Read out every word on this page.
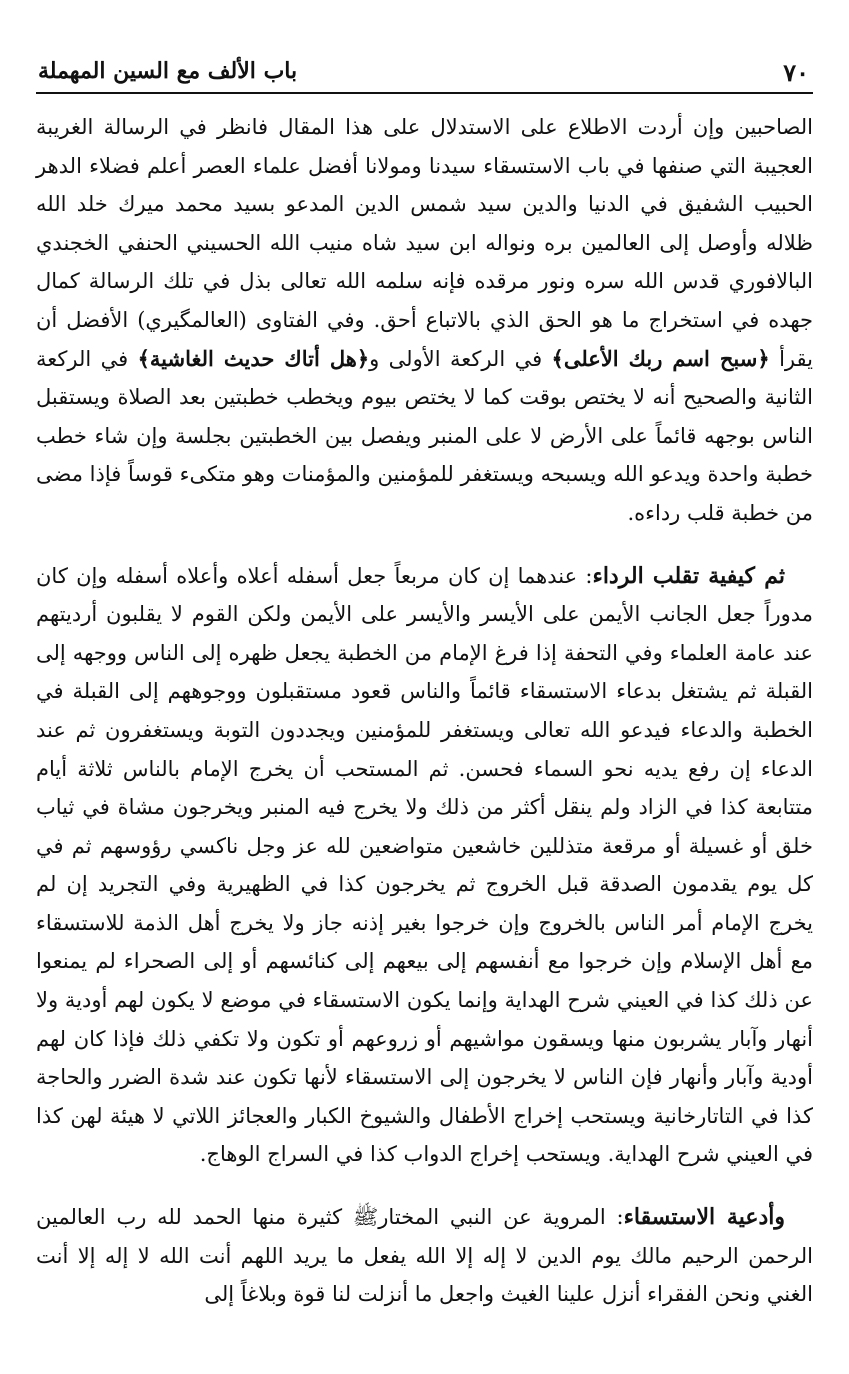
٧٠
باب الألف مع السين المهملة

الصاحبين وإن أردت الاطلاع على الاستدلال على هذا المقال فانظر في الرسالة الغريبة العجيبة التي صنفها في باب الاستسقاء سيدنا ومولانا أفضل علماء العصر أعلم فضلاء الدهر الحبيب الشفيق في الدنيا والدين سيد شمس الدين المدعو بسيد محمد ميرك خلد الله ظلاله وأوصل إلى العالمين بره ونواله ابن سيد شاه منيب الله الحسيني الحنفي الخجندي البالافوري قدس الله سره ونور مرقده فإنه سلمه الله تعالى بذل في تلك الرسالة كمال جهده في استخراج ما هو الحق الذي بالاتباع أحق. وفي الفتاوى (العالمگيري) الأفضل أن يقرأ ﴿سبح اسم ربك الأعلى﴾ في الركعة الأولى و﴿هل أتاك حديث الغاشية﴾ في الركعة الثانية والصحيح أنه لا يختص بوقت كما لا يختص بيوم ويخطب خطبتين بعد الصلاة ويستقبل الناس بوجهه قائماً على الأرض لا على المنبر ويفصل بين الخطبتين بجلسة وإن شاء خطب خطبة واحدة ويدعو الله ويسبحه ويستغفر للمؤمنين والمؤمنات وهو متكىء قوساً فإذا مضى من خطبة قلب رداءه.

ثم كيفية تقلب الرداء: عندهما إن كان مربعاً جعل أسفله أعلاه وأعلاه أسفله وإن كان مدوراً جعل الجانب الأيمن على الأيسر والأيسر على الأيمن ولكن القوم لا يقلبون أرديتهم عند عامة العلماء وفي التحفة إذا فرغ الإمام من الخطبة يجعل ظهره إلى الناس ووجهه إلى القبلة ثم يشتغل بدعاء الاستسقاء قائماً والناس قعود مستقبلون ووجوههم إلى القبلة في الخطبة والدعاء فيدعو الله تعالى ويستغفر للمؤمنين ويجددون التوبة ويستغفرون ثم عند الدعاء إن رفع يديه نحو السماء فحسن. ثم المستحب أن يخرج الإمام بالناس ثلاثة أيام متتابعة كذا في الزاد ولم ينقل أكثر من ذلك ولا يخرج فيه المنبر ويخرجون مشاة في ثياب خلق أو غسيلة أو مرقعة متذللين خاشعين متواضعين لله عز وجل ناكسي رؤوسهم ثم في كل يوم يقدمون الصدقة قبل الخروج ثم يخرجون كذا في الظهيرية وفي التجريد إن لم يخرج الإمام أمر الناس بالخروج وإن خرجوا بغير إذنه جاز ولا يخرج أهل الذمة للاستسقاء مع أهل الإسلام وإن خرجوا مع أنفسهم إلى بيعهم إلى كنائسهم أو إلى الصحراء لم يمنعوا عن ذلك كذا في العيني شرح الهداية وإنما يكون الاستسقاء في موضع لا يكون لهم أودية ولا أنهار وآبار يشربون منها ويسقون مواشيهم أو زروعهم أو تكون ولا تكفي ذلك فإذا كان لهم أودية وآبار وأنهار فإن الناس لا يخرجون إلى الاستسقاء لأنها تكون عند شدة الضرر والحاجة كذا في التاتارخانية ويستحب إخراج الأطفال والشيوخ الكبار والعجائز اللاتي لا هيئة لهن كذا في العيني شرح الهداية. ويستحب إخراج الدواب كذا في السراج الوهاج.

وأدعية الاستسقاء: المروية عن النبي المختارﷺ كثيرة منها الحمد لله رب العالمين الرحمن الرحيم مالك يوم الدين لا إله إلا الله يفعل ما يريد اللهم أنت الله لا إله إلا أنت الغني ونحن الفقراء أنزل علينا الغيث واجعل ما أنزلت لنا قوة وبلاغاً إلى
